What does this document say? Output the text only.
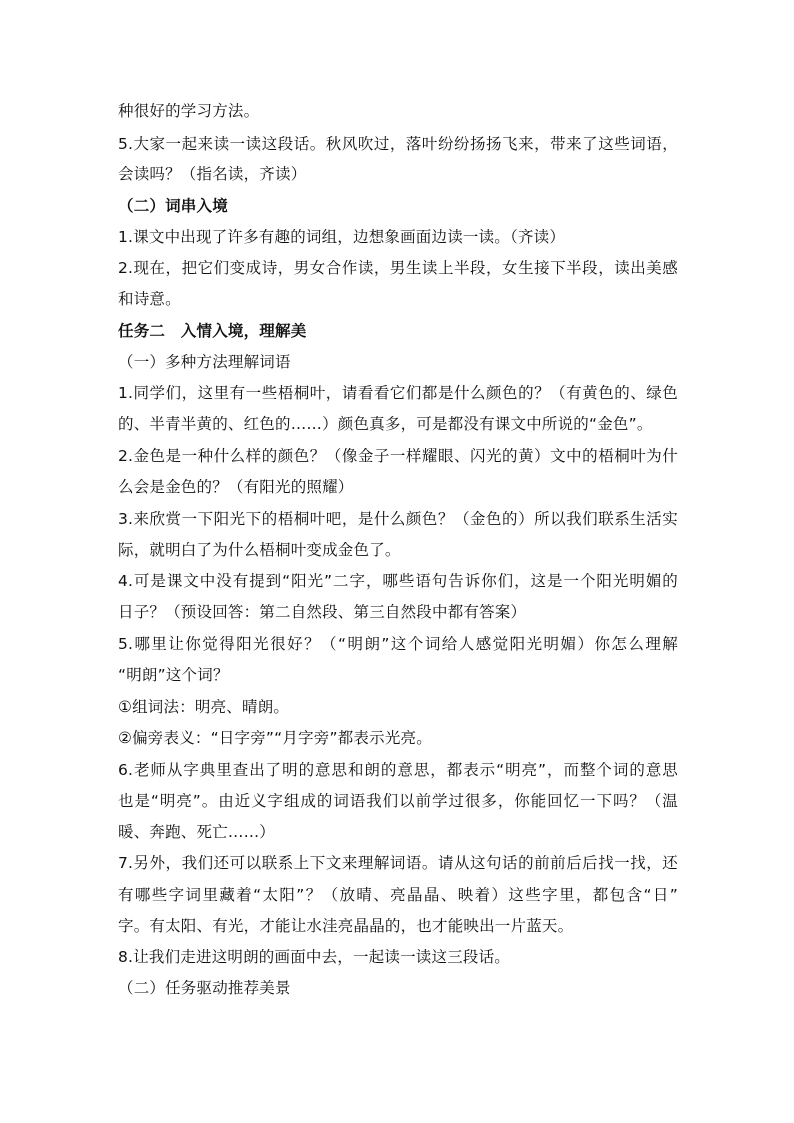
种很好的学习方法。
5.大家一起来读一读这段话。秋风吹过，落叶纷纷扬扬飞来，带来了这些词语，
会读吗？（指名读，齐读）
（二）词串入境
1.课文中出现了许多有趣的词组，边想象画面边读一读。（齐读）
2.现在，把它们变成诗，男女合作读，男生读上半段，女生接下半段，读出美感
和诗意。
任务二　入情入境，理解美
（一）多种方法理解词语
1.同学们，这里有一些梧桐叶，请看看它们都是什么颜色的？（有黄色的、绿色
的、半青半黄的、红色的……）颜色真多，可是都没有课文中所说的“金色”。
2.金色是一种什么样的颜色？（像金子一样耀眼、闪光的黄）文中的梧桐叶为什
么会是金色的？（有阳光的照耀）
3.来欣赏一下阳光下的梧桐叶吧，是什么颜色？（金色的）所以我们联系生活实
际，就明白了为什么梧桐叶变成金色了。
4.可是课文中没有提到“阳光”二字，哪些语句告诉你们，这是一个阳光明媚的
日子？（预设回答：第二自然段、第三自然段中都有答案）
5.哪里让你觉得阳光很好？（“明朗”这个词给人感觉阳光明媚）你怎么理解
“明朗”这个词？
①组词法：明亮、晴朗。
②偏旁表义：“日字旁”“月字旁”都表示光亮。
6.老师从字典里查出了明的意思和朗的意思，都表示“明亮”，而整个词的意思
也是“明亮”。由近义字组成的词语我们以前学过很多，你能回忆一下吗？（温
暖、奔跑、死亡……）
7.另外，我们还可以联系上下文来理解词语。请从这句话的前前后后找一找，还
有哪些字词里藏着“太阳”？（放晴、亮晶晶、映着）这些字里，都包含“日”
字。有太阳、有光，才能让水洼亮晶晶的，也才能映出一片蓝天。
8.让我们走进这明朗的画面中去，一起读一读这三段话。
（二）任务驱动推荐美景
